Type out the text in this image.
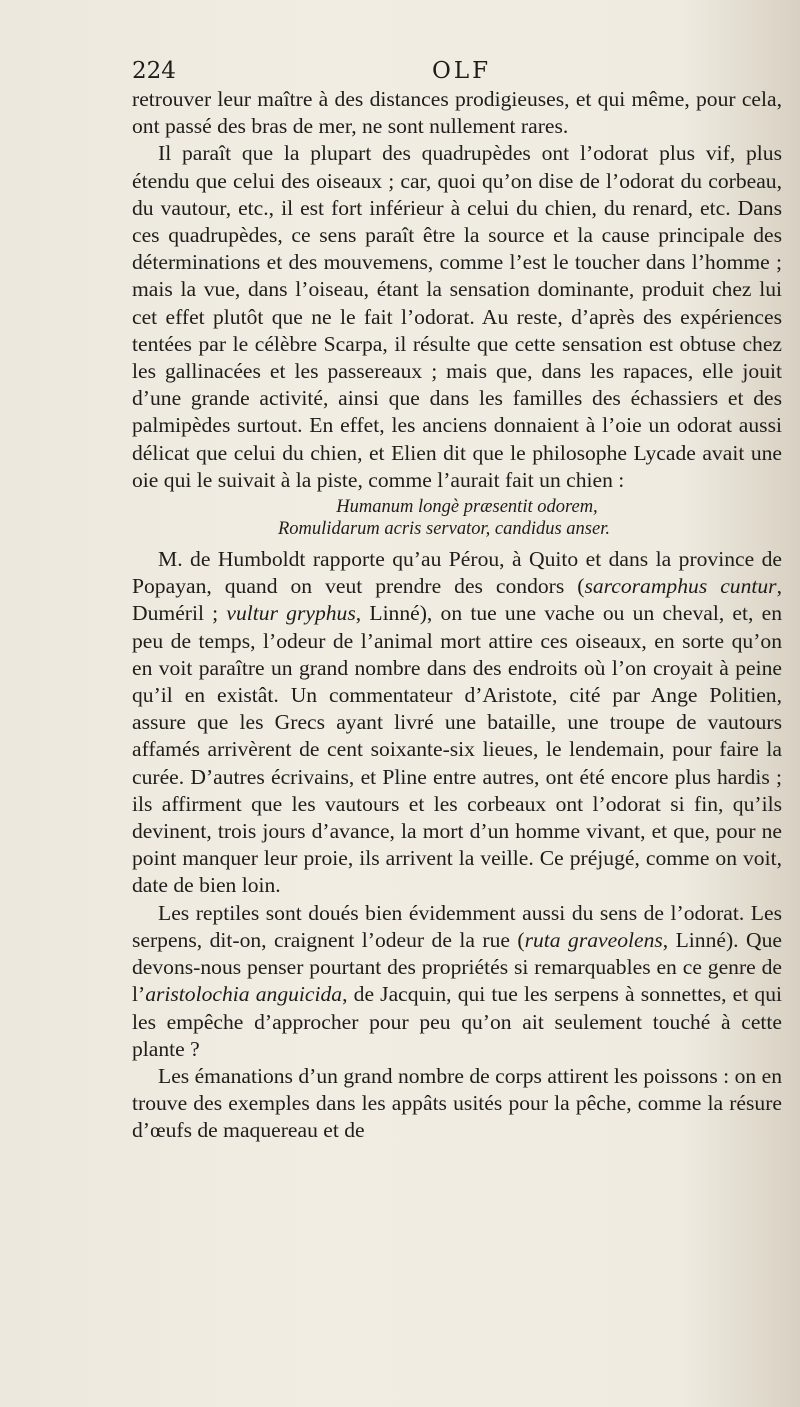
224	OLF

retrouver leur maître à des distances prodigieuses, et qui même, pour cela, ont passé des bras de mer, ne sont nullement rares.

Il paraît que la plupart des quadrupèdes ont l’odorat plus vif, plus étendu que celui des oiseaux ; car, quoi qu’on dise de l’odorat du corbeau, du vautour, etc., il est fort inférieur à celui du chien, du renard, etc. Dans ces quadrupèdes, ce sens paraît être la source et la cause principale des déterminations et des mouvemens, comme l’est le toucher dans l’homme ; mais la vue, dans l’oiseau, étant la sensation dominante, produit chez lui cet effet plutôt que ne le fait l’odorat. Au reste, d’après des expériences tentées par le célèbre Scarpa, il résulte que cette sensation est obtuse chez les gallinacées et les passereaux ; mais que, dans les rapaces, elle jouit d’une grande activité, ainsi que dans les familles des échassiers et des palmipèdes surtout. En effet, les anciens donnaient à l’oie un odorat aussi délicat que celui du chien, et Elien dit que le philosophe Lycade avait une oie qui le suivait à la piste, comme l’aurait fait un chien :

Humanum longè præsentit odorem,
Romulidarum acris servator, candidus anser.

M. de Humboldt rapporte qu’au Pérou, à Quito et dans la province de Popayan, quand on veut prendre des condors (sarcoramphus cuntur, Duméril ; vultur gryphus, Linné), on tue une vache ou un cheval, et, en peu de temps, l’odeur de l’animal mort attire ces oiseaux, en sorte qu’on en voit paraître un grand nombre dans des endroits où l’on croyait à peine qu’il en existât. Un commentateur d’Aristote, cité par Ange Politien, assure que les Grecs ayant livré une bataille, une troupe de vautours affamés arrivèrent de cent soixante-six lieues, le lendemain, pour faire la curée. D’autres écrivains, et Pline entre autres, ont été encore plus hardis ; ils affirment que les vautours et les corbeaux ont l’odorat si fin, qu’ils devinent, trois jours d’avance, la mort d’un homme vivant, et que, pour ne point manquer leur proie, ils arrivent la veille. Ce préjugé, comme on voit, date de bien loin.

Les reptiles sont doués bien évidemment aussi du sens de l’odorat. Les serpens, dit-on, craignent l’odeur de la rue (ruta graveolens, Linné). Que devons-nous penser pourtant des propriétés si remarquables en ce genre de l’aristolochia anguicida, de Jacquin, qui tue les serpens à sonnettes, et qui les empêche d’approcher pour peu qu’on ait seulement touché à cette plante ?

Les émanations d’un grand nombre de corps attirent les poissons : on en trouve des exemples dans les appâts usités pour la pêche, comme la résure d’œufs de maquereau et de
